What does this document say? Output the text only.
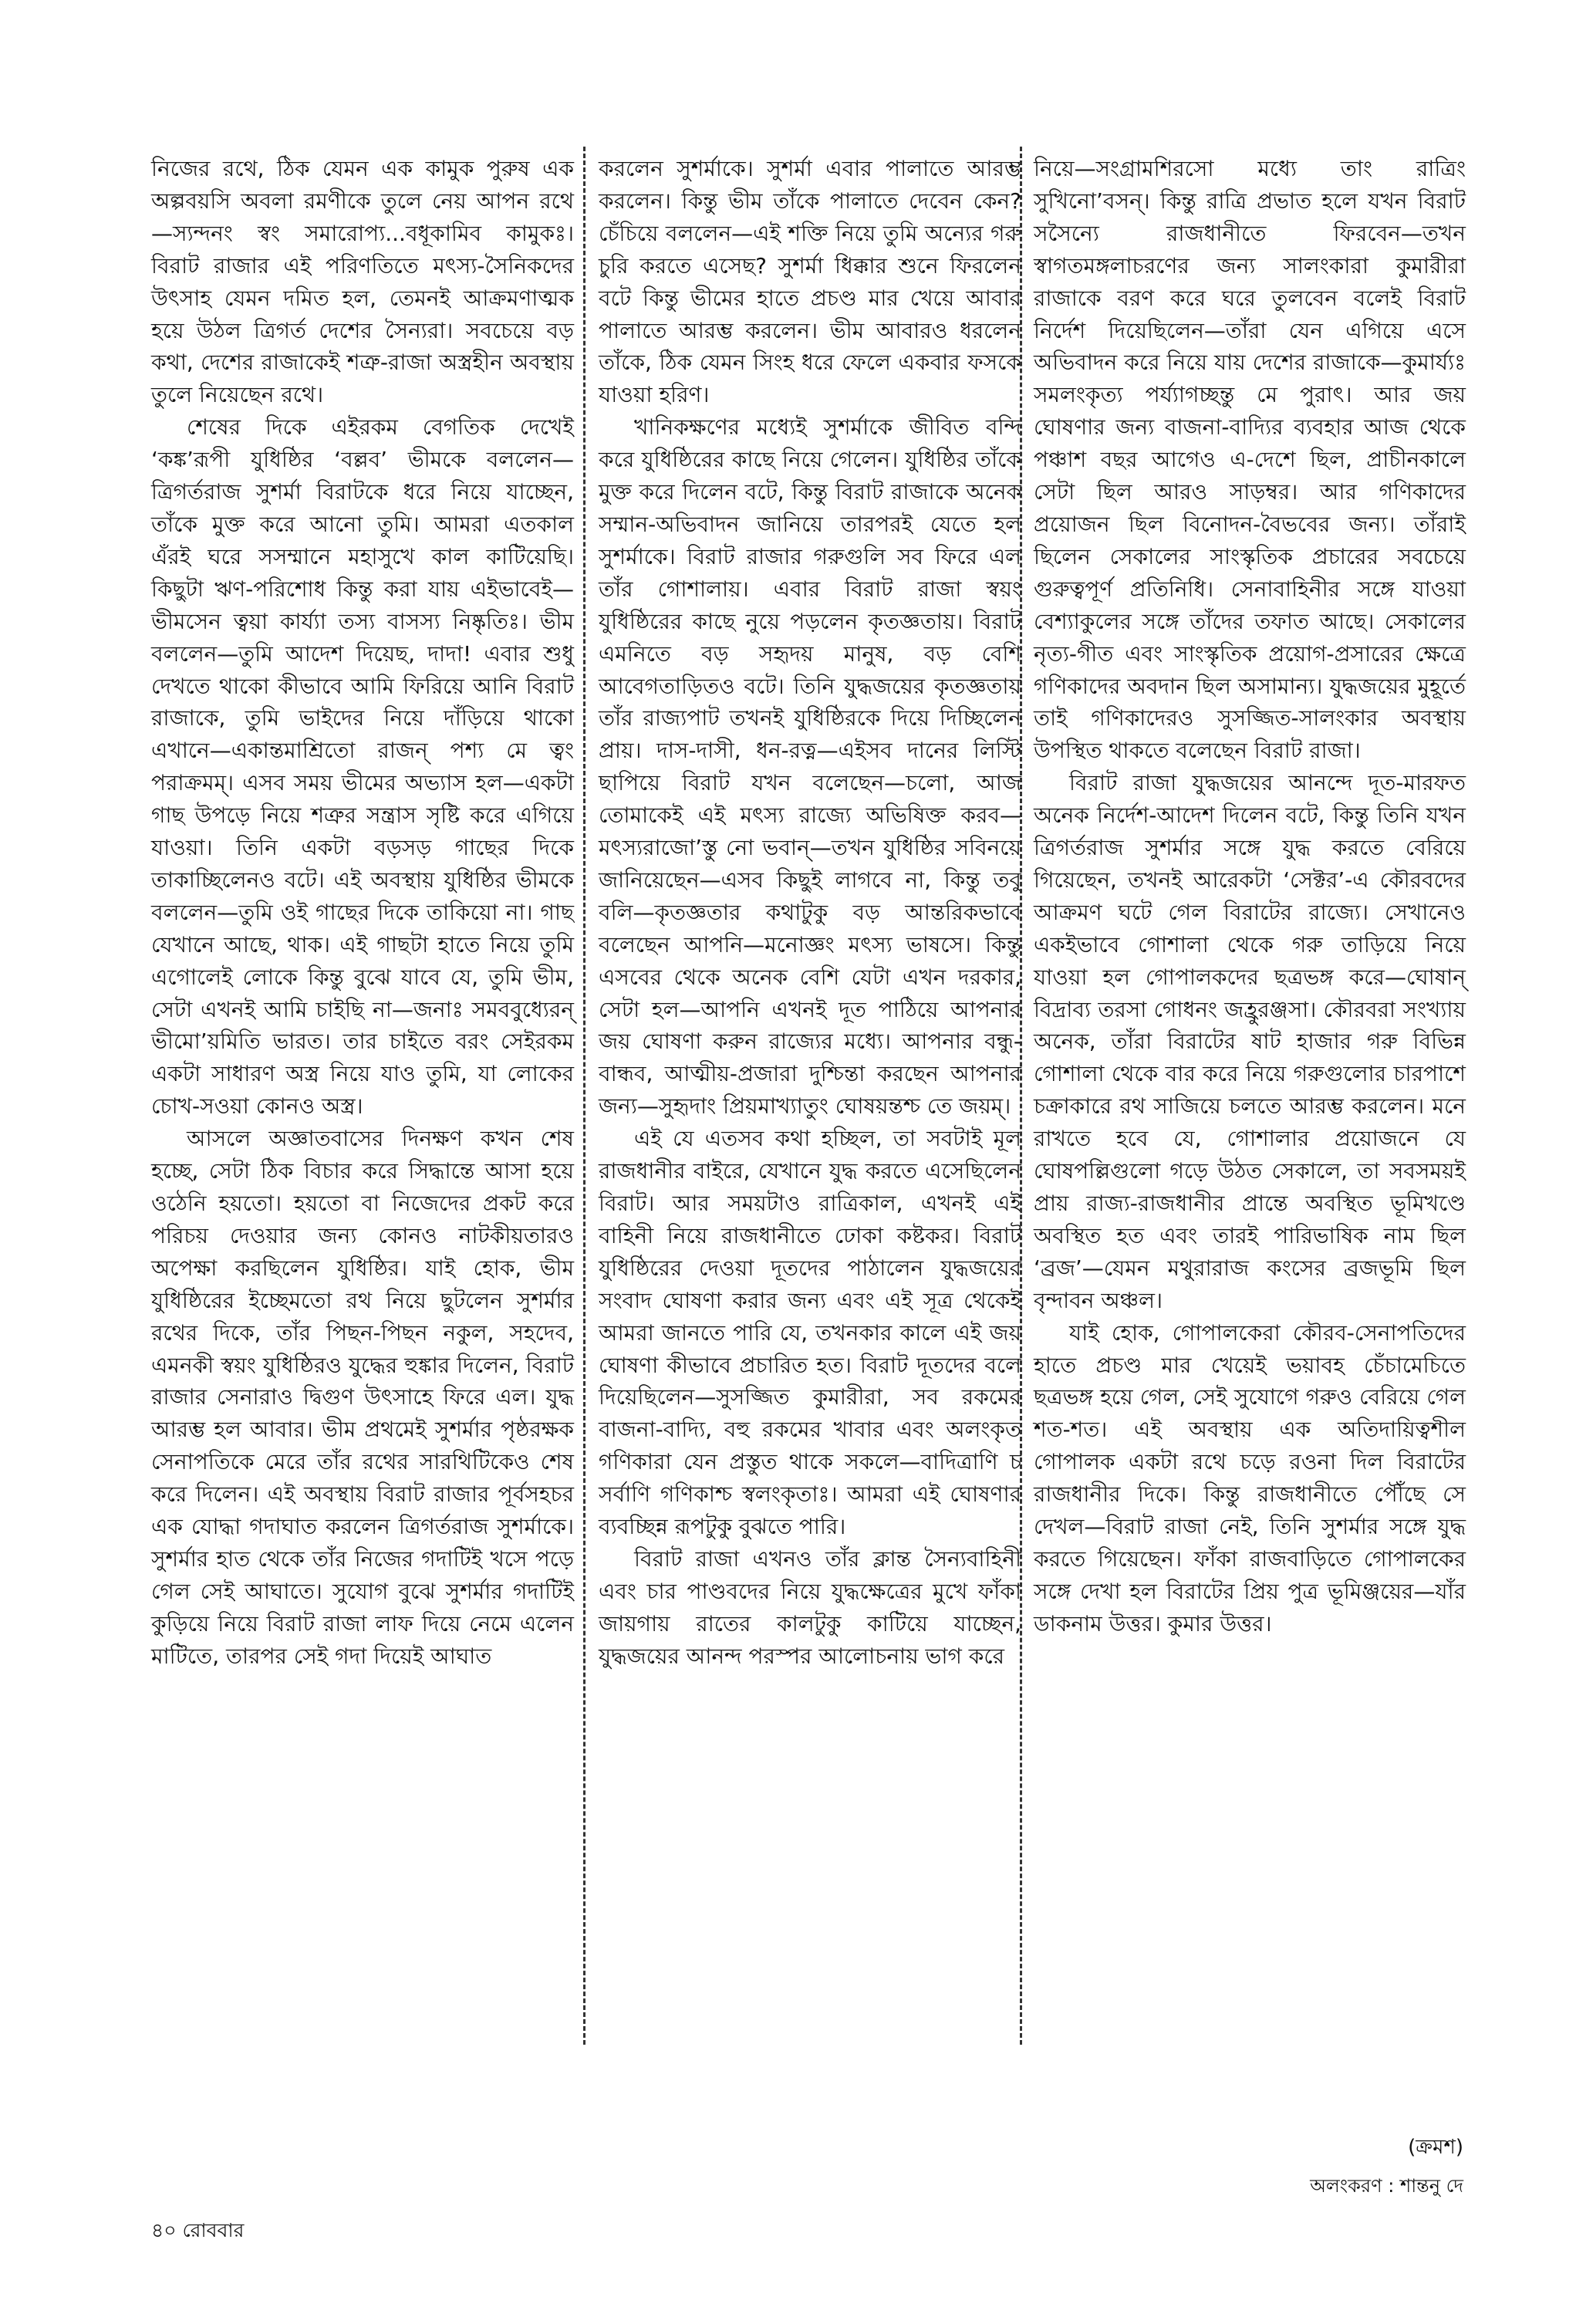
নিজের রথে, ঠিক যেমন এক কামুক পুরুষ এক অল্পবয়সি অবলা রমণীকে তুলে নেয় আপন রথে—স্যন্দনং স্বং সমারোপ্য...বধূকামিব কামুকঃ। বিরাট রাজার এই পরিণতিতে মৎস্য-সৈনিকদের উৎসাহ যেমন দমিত হল, তেমনই আক্রমণাত্মক হয়ে উঠল ত্রিগর্ত দেশের সৈন্যরা। সবচেয়ে বড় কথা, দেশের রাজাকেই শত্রু-রাজা অস্ত্রহীন অবস্থায় তুলে নিয়েছেন রথে।

শেষের দিকে এইরকম বেগতিক দেখেই ‘কঙ্ক’রূপী যুধিষ্ঠির ‘বল্লব’ ভীমকে বললেন—ত্রিগর্তরাজ সুশর্মা বিরাটকে ধরে নিয়ে যাচ্ছেন, তাঁকে মুক্ত করে আনো তুমি। আমরা এতকাল এঁরই ঘরে সসম্মানে মহাসুখে কাল কাটিয়েছি। কিছুটা ঋণ-পরিশোধ কিন্তু করা যায় এইভাবেই—ভীমসেন ত্বয়া কার্য্যা তস্য বাসস্য নিষ্কৃতিঃ। ভীম বললেন—তুমি আদেশ দিয়েছ, দাদা! এবার শুধু দেখতে থাকো কীভাবে আমি ফিরিয়ে আনি বিরাট রাজাকে, তুমি ভাইদের নিয়ে দাঁড়িয়ে থাকো এখানে—একান্তমাশ্রিতো রাজন্ পশ্য মে ত্বং পরাক্রমম্। এসব সময় ভীমের অভ্যাস হল—একটা গাছ উপড়ে নিয়ে শত্রুর সন্ত্রাস সৃষ্টি করে এগিয়ে যাওয়া। তিনি একটা বড়সড় গাছের দিকে তাকাচ্ছিলেনও বটে। এই অবস্থায় যুধিষ্ঠির ভীমকে বললেন—তুমি ওই গাছের দিকে তাকিয়ো না। গাছ যেখানে আছে, থাক। এই গাছটা হাতে নিয়ে তুমি এগোলেই লোকে কিন্তু বুঝে যাবে যে, তুমি ভীম, সেটা এখনই আমি চাইছি না—জনাঃ সমববুধ্যেরন্ ভীমো’য়মিতি ভারত। তার চাইতে বরং সেইরকম একটা সাধারণ অস্ত্র নিয়ে যাও তুমি, যা লোকের চোখ-সওয়া কোনও অস্ত্র।

আসলে অজ্ঞাতবাসের দিনক্ষণ কখন শেষ হচ্ছে, সেটা ঠিক বিচার করে সিদ্ধান্তে আসা হয়ে ওঠেনি হয়তো। হয়তো বা নিজেদের প্রকট করে পরিচয় দেওয়ার জন্য কোনও নাটকীয়তারও অপেক্ষা করছিলেন যুধিষ্ঠির। যাই হোক, ভীম যুধিষ্ঠিরের ইচ্ছেমতো রথ নিয়ে ছুটলেন সুশর্মার রথের দিকে, তাঁর পিছন-পিছন নকুল, সহদেব, এমনকী স্বয়ং যুধিষ্ঠিরও যুদ্ধের হুঙ্কার দিলেন, বিরাট রাজার সেনারাও দ্বিগুণ উৎসাহে ফিরে এল। যুদ্ধ আরম্ভ হল আবার। ভীম প্রথমেই সুশর্মার পৃষ্ঠরক্ষক সেনাপতিকে মেরে তাঁর রথের সারথিটিকেও শেষ করে দিলেন। এই অবস্থায় বিরাট রাজার পূর্বসহচর এক যোদ্ধা গদাঘাত করলেন ত্রিগর্তরাজ সুশর্মাকে। সুশর্মার হাত থেকে তাঁর নিজের গদাটিই খসে পড়ে গেল সেই আঘাতে। সুযোগ বুঝে সুশর্মার গদাটিই কুড়িয়ে নিয়ে বিরাট রাজা লাফ দিয়ে নেমে এলেন মাটিতে, তারপর সেই গদা দিয়েই আঘাত

করলেন সুশর্মাকে। সুশর্মা এবার পালাতে আরম্ভ করলেন। কিন্তু ভীম তাঁকে পালাতে দেবেন কেন? চেঁচিয়ে বললেন—এই শক্তি নিয়ে তুমি অন্যের গরু চুরি করতে এসেছ? সুশর্মা ধিক্কার শুনে ফিরলেন বটে কিন্তু ভীমের হাতে প্রচণ্ড মার খেয়ে আবার পালাতে আরম্ভ করলেন। ভীম আবারও ধরলেন তাঁকে, ঠিক যেমন সিংহ ধরে ফেলে একবার ফসকে যাওয়া হরিণ।

খানিকক্ষণের মধ্যেই সুশর্মাকে জীবিত বন্দি করে যুধিষ্ঠিরের কাছে নিয়ে গেলেন। যুধিষ্ঠির তাঁকে মুক্ত করে দিলেন বটে, কিন্তু বিরাট রাজাকে অনেক সম্মান-অভিবাদন জানিয়ে তারপরই যেতে হল সুশর্মাকে। বিরাট রাজার গরুগুলি সব ফিরে এল তাঁর গোশালায়। এবার বিরাট রাজা স্বয়ং যুধিষ্ঠিরের কাছে নুয়ে পড়লেন কৃতজ্ঞতায়। বিরাট এমনিতে বড় সহৃদয় মানুষ, বড় বেশি আবেগতাড়িতও বটে। তিনি যুদ্ধজয়ের কৃতজ্ঞতায় তাঁর রাজ্যপাট তখনই যুধিষ্ঠিরকে দিয়ে দিচ্ছিলেন প্রায়। দাস-দাসী, ধন-রত্ন—এইসব দানের লিস্টি ছাপিয়ে বিরাট যখন বলেছেন—চলো, আজ তোমাকেই এই মৎস্য রাজ্যে অভিষিক্ত করব—মৎস্যরাজো’স্তু নো ভবান্—তখন যুধিষ্ঠির সবিনয়ে জানিয়েছেন—এসব কিছুই লাগবে না, কিন্তু তবু বলি—কৃতজ্ঞতার কথাটুকু বড় আন্তরিকভাবে বলেছেন আপনি—মনোজ্ঞং মৎস্য ভাষসে। কিন্তু এসবের থেকে অনেক বেশি যেটা এখন দরকার, সেটা হল—আপনি এখনই দূত পাঠিয়ে আপনার জয় ঘোষণা করুন রাজ্যের মধ্যে। আপনার বন্ধু-বান্ধব, আত্মীয়-প্রজারা দুশ্চিন্তা করছেন আপনার জন্য—সুহৃদাং প্রিয়মাখ্যাতুং ঘোষয়ন্তশ্চ তে জয়ম্।

এই যে এতসব কথা হচ্ছিল, তা সবটাই মূল রাজধানীর বাইরে, যেখানে যুদ্ধ করতে এসেছিলেন বিরাট। আর সময়টাও রাত্রিকাল, এখনই এই বাহিনী নিয়ে রাজধানীতে ঢোকা কষ্টকর। বিরাট যুধিষ্ঠিরের দেওয়া দূতদের পাঠালেন যুদ্ধজয়ের সংবাদ ঘোষণা করার জন্য এবং এই সূত্র থেকেই আমরা জানতে পারি যে, তখনকার কালে এই জয় ঘোষণা কীভাবে প্রচারিত হত। বিরাট দূতদের বলে দিয়েছিলেন—সুসজ্জিত কুমারীরা, সব রকমের বাজনা-বাদ্যি, বহু রকমের খাবার এবং অলংকৃত গণিকারা যেন প্রস্তুত থাকে সকলে—বাদিত্রাণি চ সর্বাণি গণিকাশ্চ স্বলংকৃতাঃ। আমরা এই ঘোষণার ব্যবচ্ছিন্ন রূপটুকু বুঝতে পারি।

বিরাট রাজা এখনও তাঁর ক্লান্ত সৈন্যবাহিনী এবং চার পাণ্ডবদের নিয়ে যুদ্ধক্ষেত্রের মুখে ফাঁকা জায়গায় রাতের কালটুকু কাটিয়ে যাচ্ছেন, যুদ্ধজয়ের আনন্দ পরস্পর আলোচনায় ভাগ করে

নিয়ে—সংগ্রামশিরসো মধ্যে তাং রাত্রিং সুখিনো’বসন্। কিন্তু রাত্রি প্রভাত হলে যখন বিরাট সসৈন্যে রাজধানীতে ফিরবেন—তখন স্বাগতমঙ্গলাচরণের জন্য সালংকারা কুমারীরা রাজাকে বরণ করে ঘরে তুলবেন বলেই বিরাট নির্দেশ দিয়েছিলেন—তাঁরা যেন এগিয়ে এসে অভিবাদন করে নিয়ে যায় দেশের রাজাকে—কুমার্য্যঃ সমলংকৃত্য পর্য্যাগচ্ছন্তু মে পুরাৎ। আর জয় ঘোষণার জন্য বাজনা-বাদ্যির ব্যবহার আজ থেকে পঞ্চাশ বছর আগেও এ-দেশে ছিল, প্রাচীনকালে সেটা ছিল আরও সাড়ম্বর। আর গণিকাদের প্রয়োজন ছিল বিনোদন-বৈভবের জন্য। তাঁরাই ছিলেন সেকালের সাংস্কৃতিক প্রচারের সবচেয়ে গুরুত্বপূর্ণ প্রতিনিধি। সেনাবাহিনীর সঙ্গে যাওয়া বেশ্যাকুলের সঙ্গে তাঁদের তফাত আছে। সেকালের নৃত্য-গীত এবং সাংস্কৃতিক প্রয়োগ-প্রসারের ক্ষেত্রে গণিকাদের অবদান ছিল অসামান্য। যুদ্ধজয়ের মুহূর্তে তাই গণিকাদেরও সুসজ্জিত-সালংকার অবস্থায় উপস্থিত থাকতে বলেছেন বিরাট রাজা।

বিরাট রাজা যুদ্ধজয়ের আনন্দে দূত-মারফত অনেক নির্দেশ-আদেশ দিলেন বটে, কিন্তু তিনি যখন ত্রিগর্তরাজ সুশর্মার সঙ্গে যুদ্ধ করতে বেরিয়ে গিয়েছেন, তখনই আরেকটা ‘সেক্টর’-এ কৌরবদের আক্রমণ ঘটে গেল বিরাটের রাজ্যে। সেখানেও একইভাবে গোশালা থেকে গরু তাড়িয়ে নিয়ে যাওয়া হল গোপালকদের ছত্রভঙ্গ করে—ঘোষান্ বিদ্রাব্য তরসা গোধনং জহ্রুরঞ্জসা। কৌরবরা সংখ্যায় অনেক, তাঁরা বিরাটের ষাট হাজার গরু বিভিন্ন গোশালা থেকে বার করে নিয়ে গরুগুলোর চারপাশে চক্রাকারে রথ সাজিয়ে চলতে আরম্ভ করলেন। মনে রাখতে হবে যে, গোশালার প্রয়োজনে যে ঘোষপল্লিগুলো গড়ে উঠত সেকালে, তা সবসময়ই প্রায় রাজ্য-রাজধানীর প্রান্তে অবস্থিত ভূমিখণ্ডে অবস্থিত হত এবং তারই পারিভাষিক নাম ছিল ‘ব্রজ’—যেমন মথুরারাজ কংসের ব্রজভূমি ছিল বৃন্দাবন অঞ্চল।

যাই হোক, গোপালকেরা কৌরব-সেনাপতিদের হাতে প্রচণ্ড মার খেয়েই ভয়াবহ চেঁচামেচিতে ছত্রভঙ্গ হয়ে গেল, সেই সুযোগে গরুও বেরিয়ে গেল শত-শত। এই অবস্থায় এক অতিদায়িত্বশীল গোপালক একটা রথে চড়ে রওনা দিল বিরাটের রাজধানীর দিকে। কিন্তু রাজধানীতে পৌঁছে সে দেখল—বিরাট রাজা নেই, তিনি সুশর্মার সঙ্গে যুদ্ধ করতে গিয়েছেন। ফাঁকা রাজবাড়িতে গোপালকের সঙ্গে দেখা হল বিরাটের প্রিয় পুত্র ভূমিঞ্জয়ের—যাঁর ডাকনাম উত্তর। কুমার উত্তর।

(ক্রমশ)
অলংকরণ : শান্তনু দে
৪০ রোববার
